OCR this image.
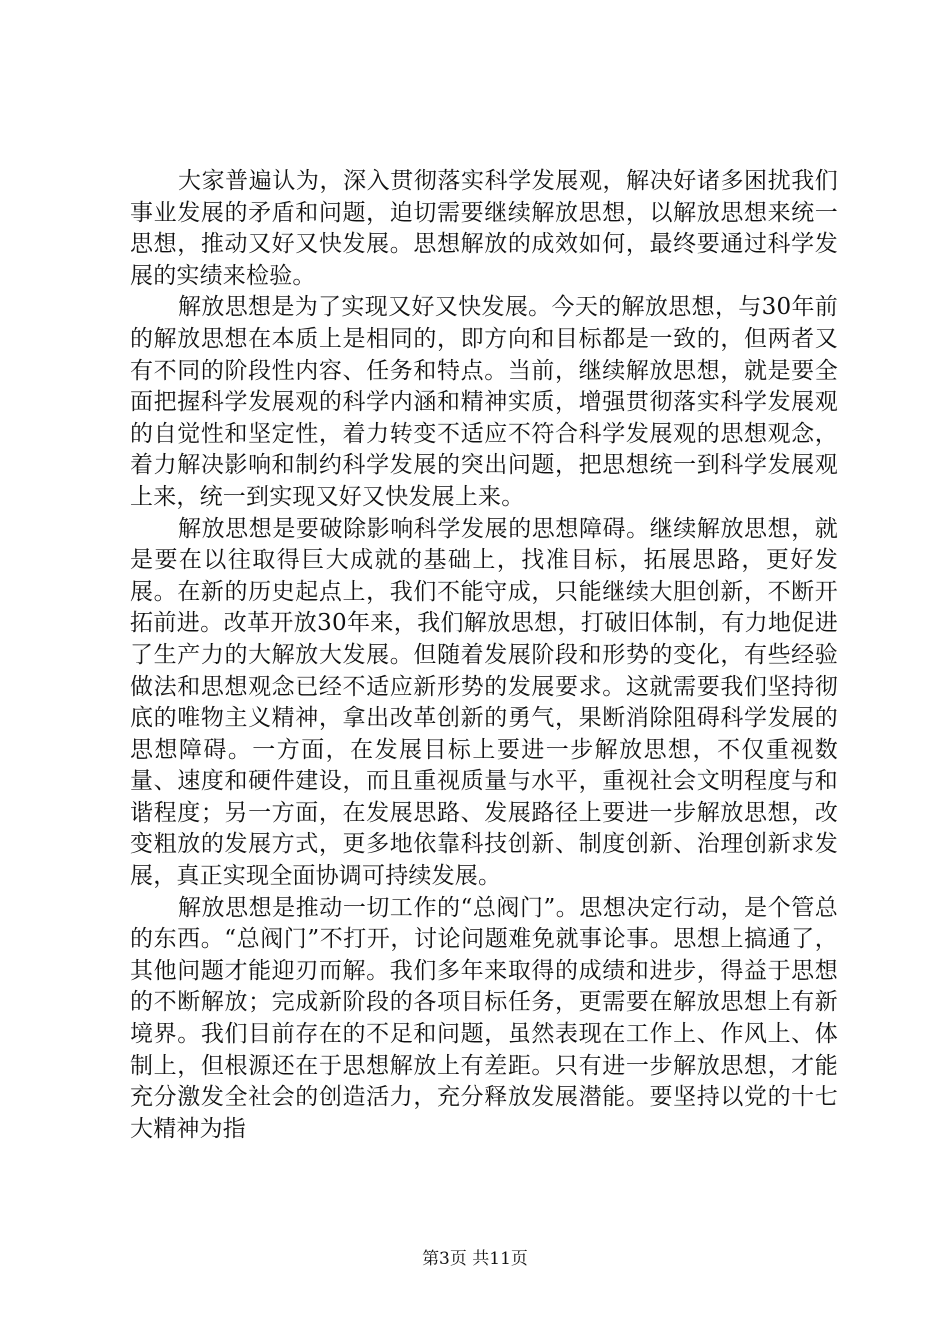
大家普遍认为，深入贯彻落实科学发展观，解决好诸多困扰我们事业发展的矛盾和问题，迫切需要继续解放思想，以解放思想来统一思想，推动又好又快发展。思想解放的成效如何，最终要通过科学发展的实绩来检验。

解放思想是为了实现又好又快发展。今天的解放思想，与30年前的解放思想在本质上是相同的，即方向和目标都是一致的，但两者又有不同的阶段性内容、任务和特点。当前，继续解放思想，就是要全面把握科学发展观的科学内涵和精神实质，增强贯彻落实科学发展观的自觉性和坚定性，着力转变不适应不符合科学发展观的思想观念，着力解决影响和制约科学发展的突出问题，把思想统一到科学发展观上来，统一到实现又好又快发展上来。

解放思想是要破除影响科学发展的思想障碍。继续解放思想，就是要在以往取得巨大成就的基础上，找准目标，拓展思路，更好发展。在新的历史起点上，我们不能守成，只能继续大胆创新，不断开拓前进。改革开放30年来，我们解放思想，打破旧体制，有力地促进了生产力的大解放大发展。但随着发展阶段和形势的变化，有些经验做法和思想观念已经不适应新形势的发展要求。这就需要我们坚持彻底的唯物主义精神，拿出改革创新的勇气，果断消除阻碍科学发展的思想障碍。一方面，在发展目标上要进一步解放思想，不仅重视数量、速度和硬件建设，而且重视质量与水平，重视社会文明程度与和谐程度；另一方面，在发展思路、发展路径上要进一步解放思想，改变粗放的发展方式，更多地依靠科技创新、制度创新、治理创新求发展，真正实现全面协调可持续发展。

解放思想是推动一切工作的“总阀门”。思想决定行动，是个管总的东西。“总阀门”不打开，讨论问题难免就事论事。思想上搞通了，其他问题才能迎刃而解。我们多年来取得的成绩和进步，得益于思想的不断解放；完成新阶段的各项目标任务，更需要在解放思想上有新境界。我们目前存在的不足和问题，虽然表现在工作上、作风上、体制上，但根源还在于思想解放上有差距。只有进一步解放思想，才能充分激发全社会的创造活力，充分释放发展潜能。要坚持以党的十七大精神为指

第3页 共11页
